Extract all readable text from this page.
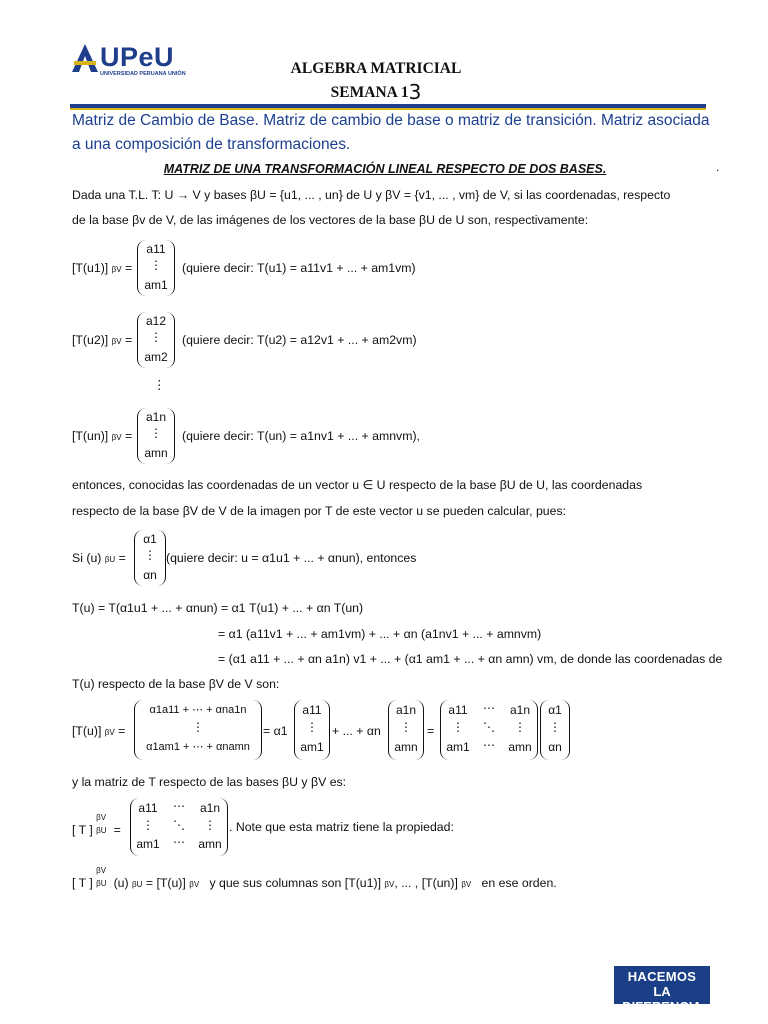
UPeU
UNIVERSIDAD PERUANA UNIÓN	ALGEBRA MATRICIAL
SEMANA 13
Matriz de Cambio de Base. Matriz de cambio de base o matriz de transición. Matriz asociada
a una composición de transformaciones.
MATRIZ DE UNA TRANSFORMACIÓN LINEAL RESPECTO DE DOS BASES.	.
Dada una T.L. T: U → V y bases βU = {u1, ... , un} de U y βV = {v1, ... , vm} de V, si las coordenadas, respecto
de la base βv de V, de las imágenes de los vectores de la base βU de U son, respectivamente:
[T(u1)] βV =
a11
⋮
am1
(quiere decir: T(u1) = a11v1 + ... + am1vm)
[T(u2)] βV =
a12
⋮
am2
(quiere decir: T(u2) = a12v1 + ... + am2vm)
⋮
[T(un)] βV =
a1n
⋮
amn
(quiere decir: T(un) = a1nv1 + ... + amnvm),
entonces, conocidas las coordenadas de un vector u ∈ U respecto de la base βU de U, las coordenadas
respecto de la base βV de V de la imagen por T de este vector u se pueden calcular, pues:
Si (u) βU =
α1
⋮
αn
(quiere decir: u = α1u1 + ... + αnun), entonces
T(u) = T(α1u1 + ... + αnun) = α1 T(u1) + ... + αn T(un)
= α1 (a11v1 + ... + am1vm) + ... + αn (a1nv1 + ... + amnvm)
= (α1 a11 + ... + αn a1n) v1 + ... + (α1 am1 + ... + αn amn) vm, de donde las coordenadas de
T(u) respecto de la base βV de V son:
[T(u)] βV =
α1a11 + ⋯ + αna1n
⋮
α1am1 + ⋯ + αnamn
= α1
a11
⋮
am1
+ ... + αn
a1n
⋮
amn
=
a11	⋯	a1n
⋮	⋱	⋮
am1	⋯	amn
α1
⋮
αn
y la matriz de T respecto de las bases βU y βV es:
[ T ]
βV
βU =
a11	⋯	a1n
⋮	⋱	⋮
am1	⋯	amn
. Note que esta matriz tiene la propiedad:
[ T ]
βV
βU (u) βU = [T(u)] βV y que sus columnas son [T(u1)] βV, ... , [T(un)] βV en ese orden.
HACEMOS
LA DIFERENCIA
